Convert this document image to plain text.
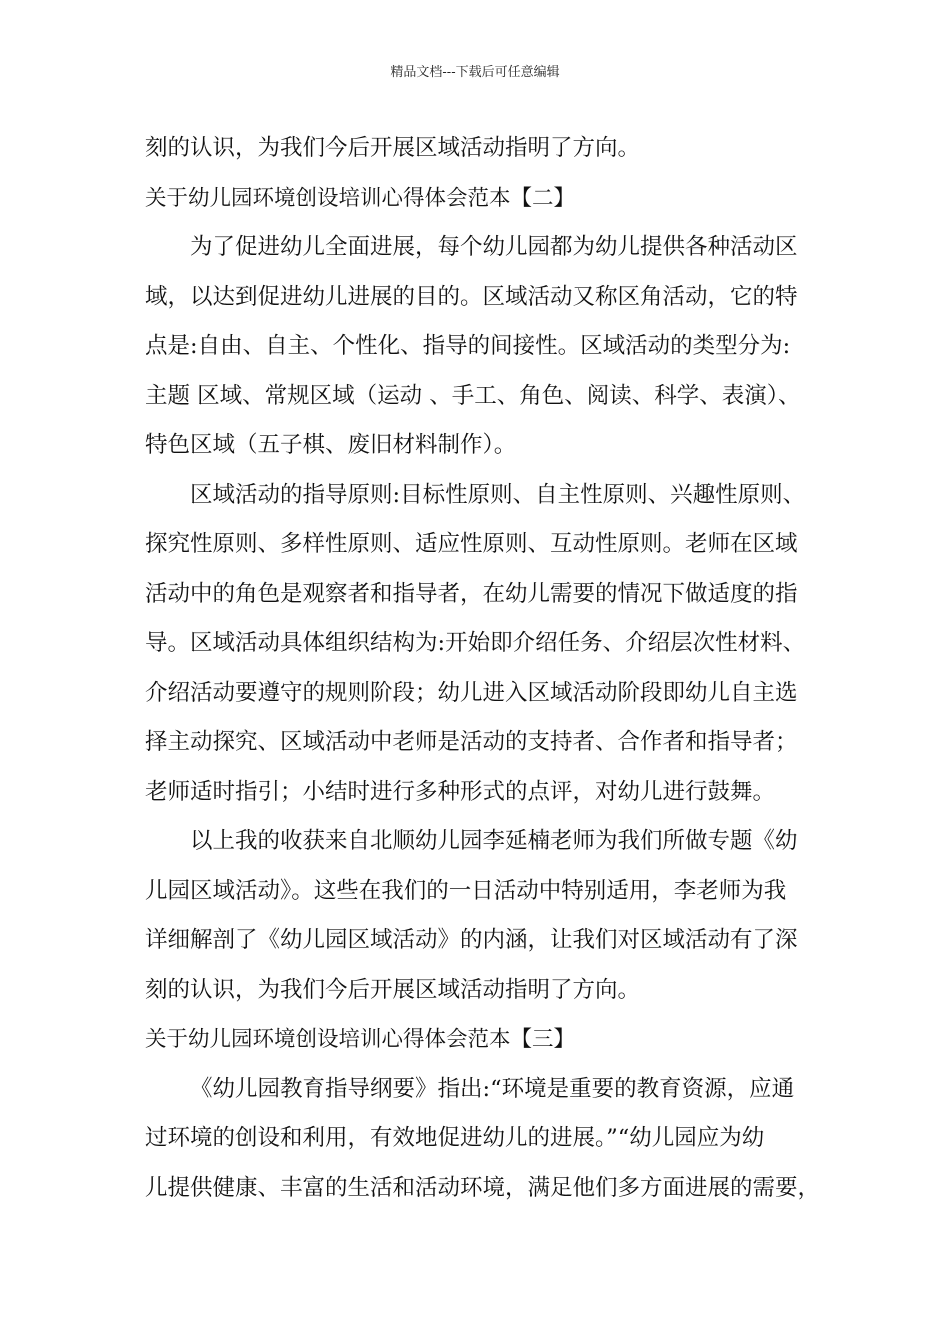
精品文档---下载后可任意编辑
刻的认识，为我们今后开展区域活动指明了方向。
关于幼儿园环境创设培训心得体会范本【二】
为了促进幼儿全面进展，每个幼儿园都为幼儿提供各种活动区
域，以达到促进幼儿进展的目的。区域活动又称区角活动，它的特
点是:自由、自主、个性化、指导的间接性。区域活动的类型分为:
主题 区域、常规区域（运动 、手工、角色、阅读、科学、表演）、
特色区域（五子棋、废旧材料制作）。
区域活动的指导原则:目标性原则、自主性原则、兴趣性原则、
探究性原则、多样性原则、适应性原则、互动性原则。老师在区域
活动中的角色是观察者和指导者，在幼儿需要的情况下做适度的指
导。区域活动具体组织结构为:开始即介绍任务、介绍层次性材料、
介绍活动要遵守的规则阶段；幼儿进入区域活动阶段即幼儿自主选
择主动探究、区域活动中老师是活动的支持者、合作者和指导者；
老师适时指引；小结时进行多种形式的点评，对幼儿进行鼓舞。
以上我的收获来自北顺幼儿园李延楠老师为我们所做专题《幼
儿园区域活动》。这些在我们的一日活动中特别适用，李老师为我
详细解剖了《幼儿园区域活动》的内涵，让我们对区域活动有了深
刻的认识，为我们今后开展区域活动指明了方向。
关于幼儿园环境创设培训心得体会范本【三】
《幼儿园教育指导纲要》指出:“环境是重要的教育资源，应通
过环境的创设和利用，有效地促进幼儿的进展。”“幼儿园应为幼
儿提供健康、丰富的生活和活动环境，满足他们多方面进展的需要，
